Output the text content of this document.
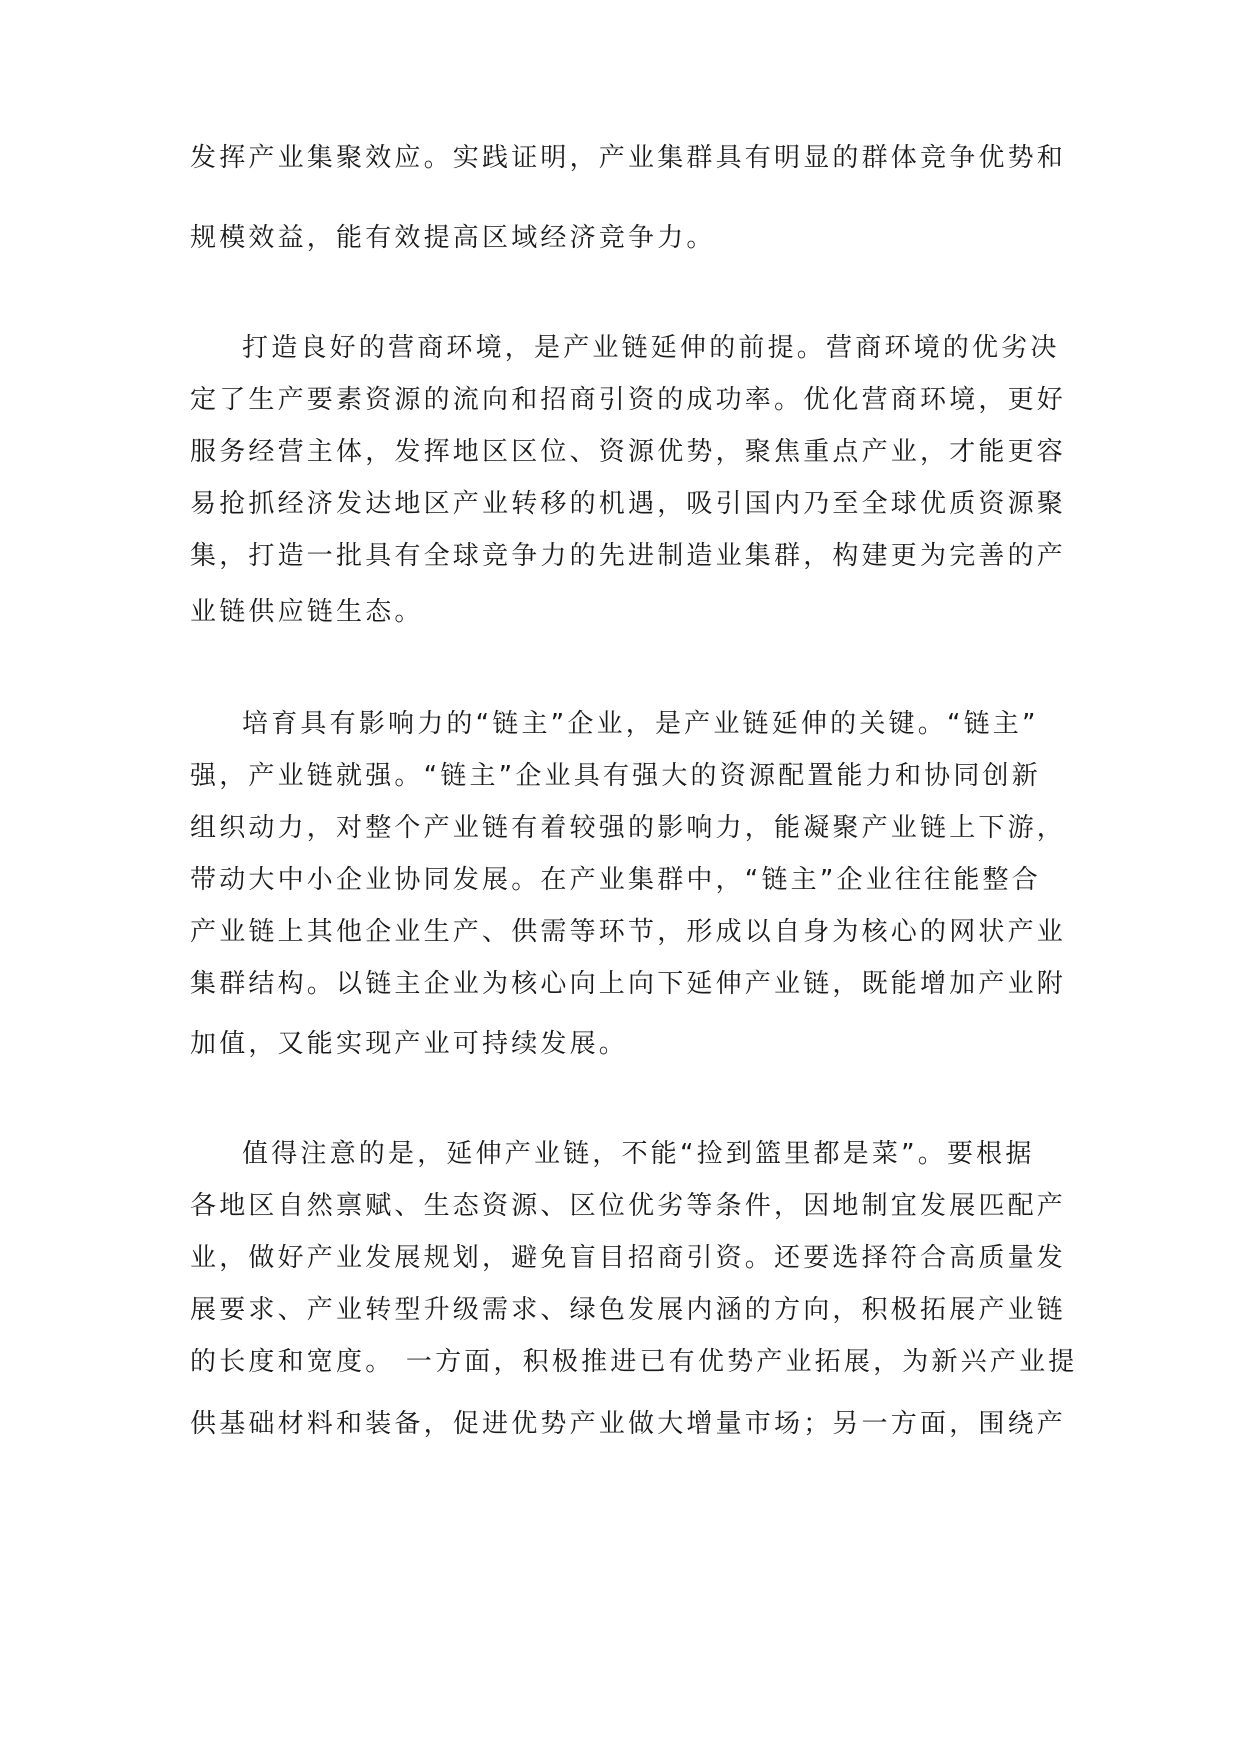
发挥产业集聚效应。实践证明，产业集群具有明显的群体竞争优势和

规模效益，能有效提高区域经济竞争力。

打造良好的营商环境，是产业链延伸的前提。营商环境的优劣决

定了生产要素资源的流向和招商引资的成功率。优化营商环境，更好

服务经营主体，发挥地区区位、资源优势，聚焦重点产业，才能更容

易抢抓经济发达地区产业转移的机遇，吸引国内乃至全球优质资源聚

集，打造一批具有全球竞争力的先进制造业集群，构建更为完善的产

业链供应链生态。

培育具有影响力的“链主”企业，是产业链延伸的关键。“链主”

强，产业链就强。“链主”企业具有强大的资源配置能力和协同创新

组织动力，对整个产业链有着较强的影响力，能凝聚产业链上下游，

带动大中小企业协同发展。在产业集群中，“链主”企业往往能整合

产业链上其他企业生产、供需等环节，形成以自身为核心的网状产业

集群结构。以链主企业为核心向上向下延伸产业链，既能增加产业附

加值，又能实现产业可持续发展。

值得注意的是，延伸产业链，不能“捡到篮里都是菜”。要根据

各地区自然禀赋、生态资源、区位优劣等条件，因地制宜发展匹配产

业，做好产业发展规划，避免盲目招商引资。还要选择符合高质量发

展要求、产业转型升级需求、绿色发展内涵的方向，积极拓展产业链

的长度和宽度。 一方面，积极推进已有优势产业拓展，为新兴产业提

供基础材料和装备，促进优势产业做大增量市场；另一方面，围绕产
